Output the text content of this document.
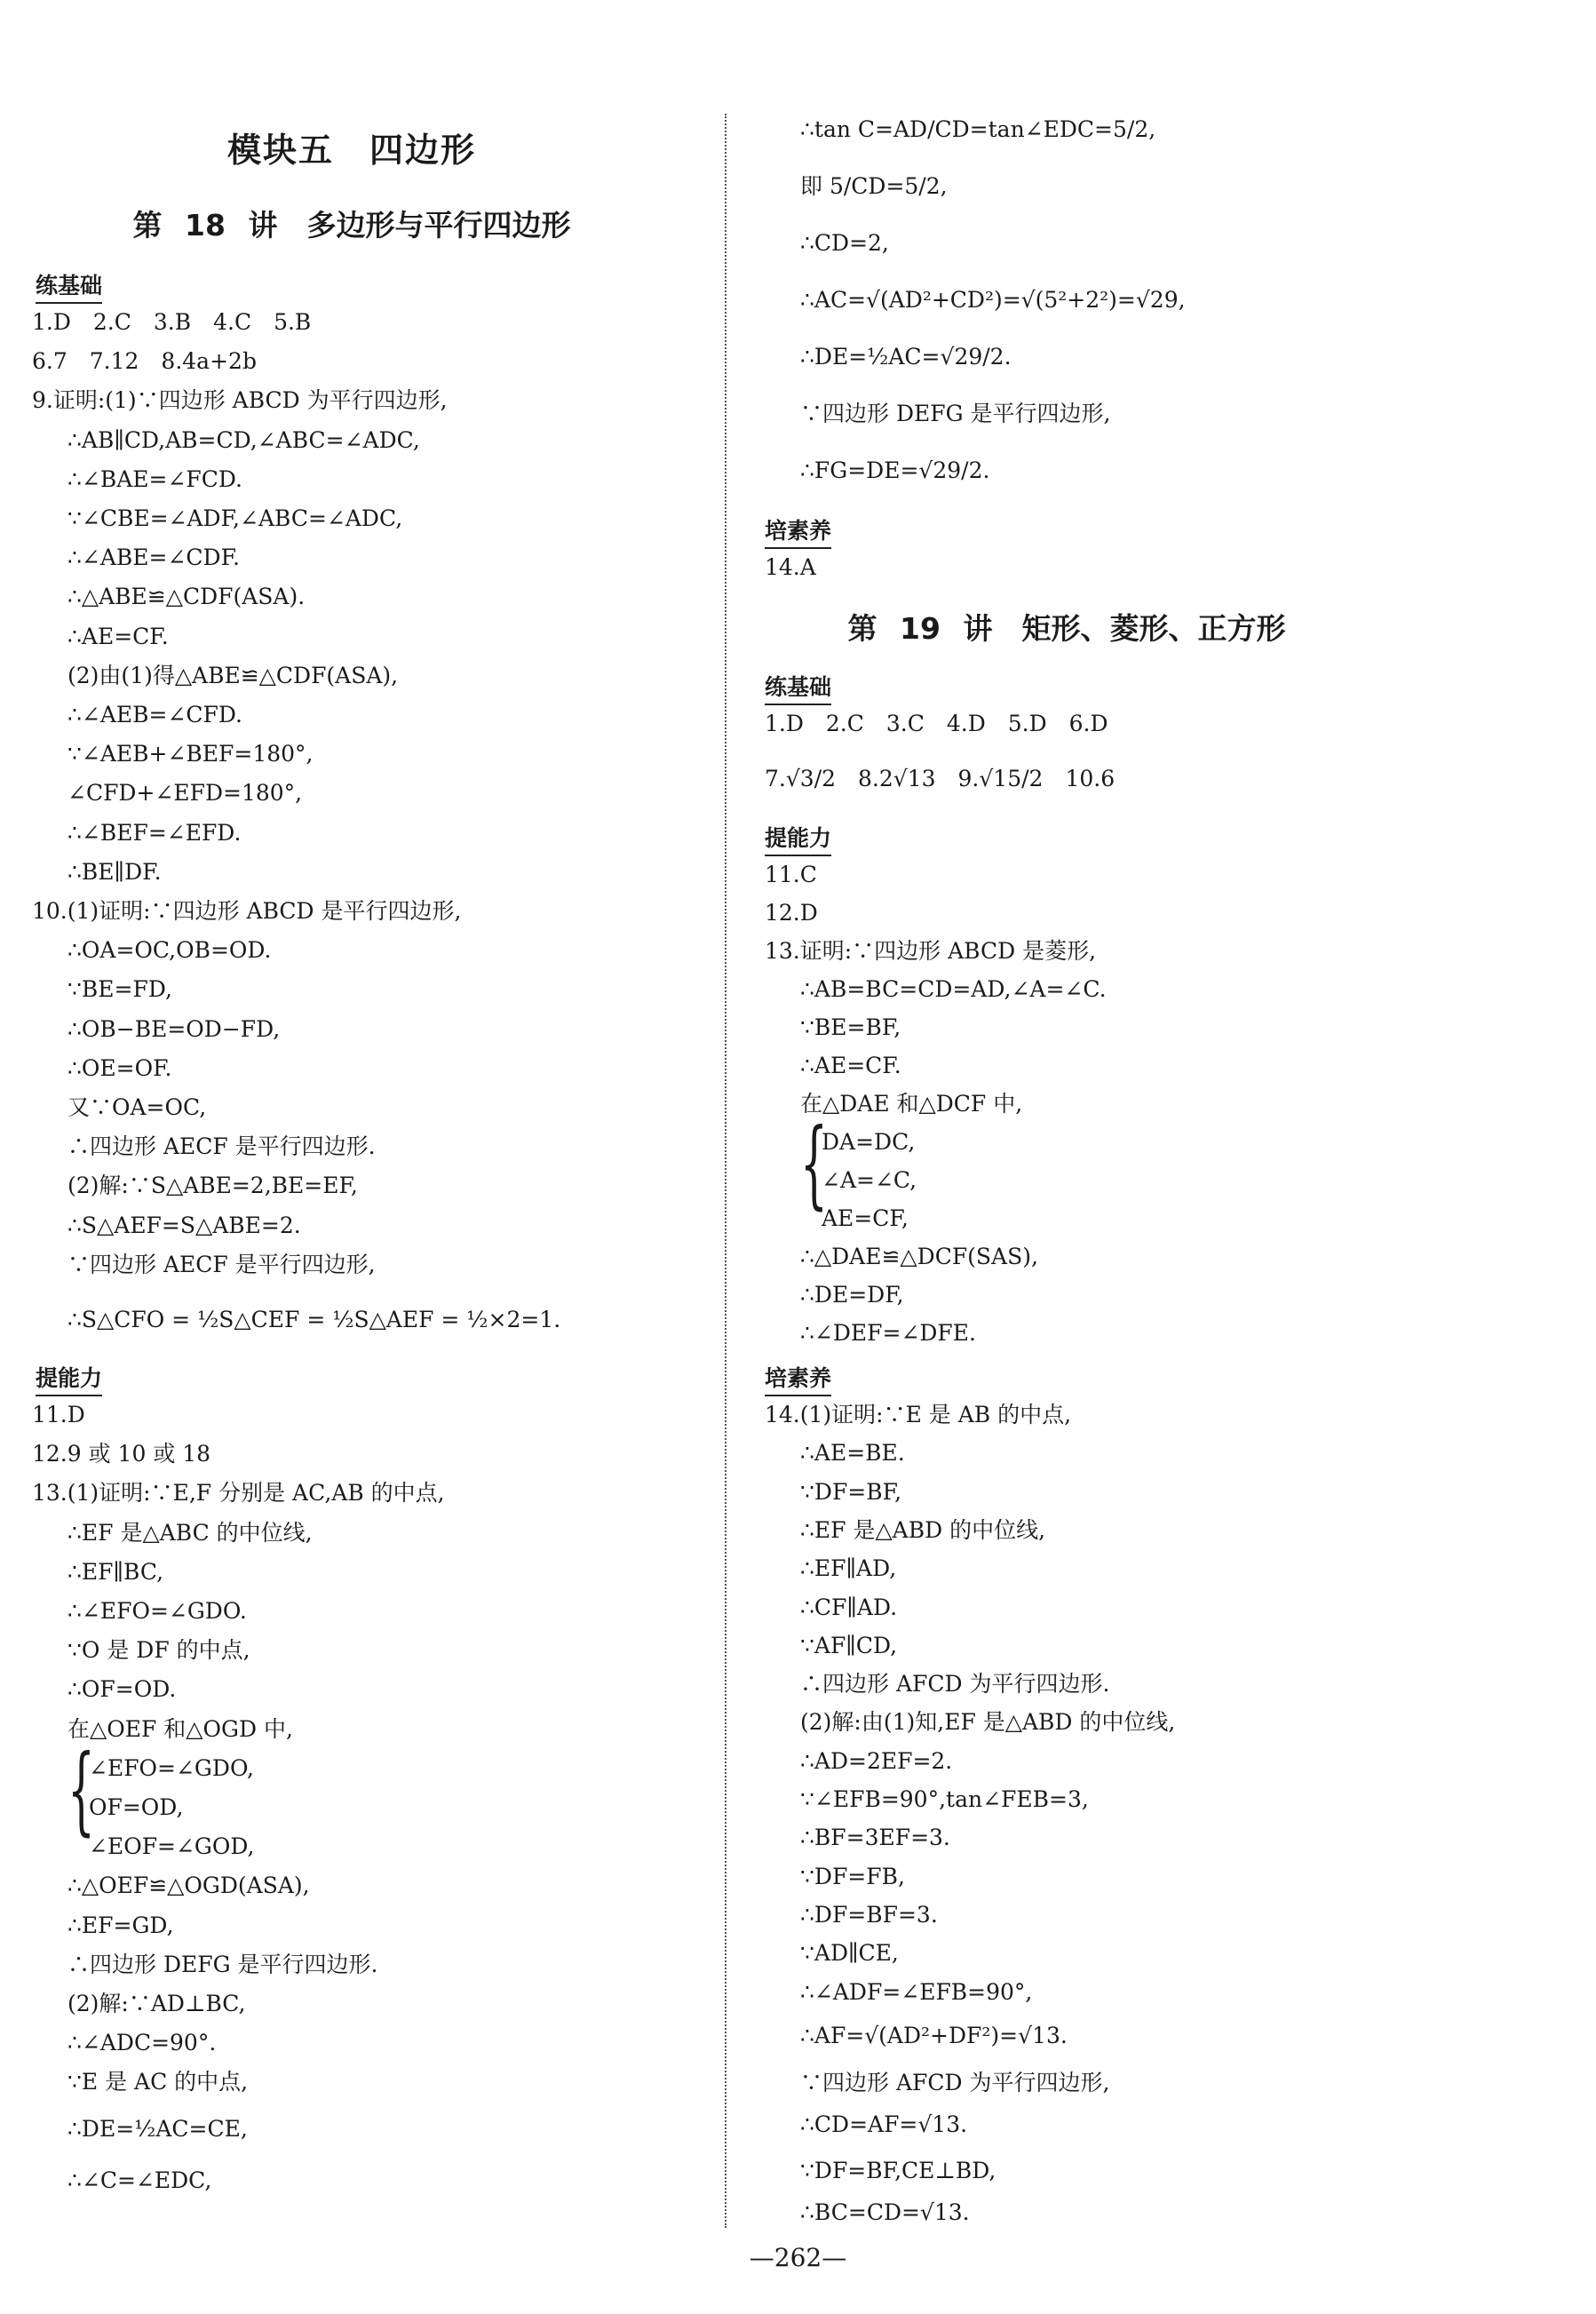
模块五　四边形
第 18 讲　多边形与平行四边形
练基础
1.D　2.C　3.B　4.C　5.B
6.7　7.12　8.4a+2b
9.证明:(1)∵四边形 ABCD 为平行四边形,
∴AB∥CD,AB=CD,∠ABC=∠ADC,
∴∠BAE=∠FCD.
∵∠CBE=∠ADF,∠ABC=∠ADC,
∴∠ABE=∠CDF.
∴△ABE≌△CDF(ASA).
∴AE=CF.
(2)由(1)得△ABE≌△CDF(ASA),
∴∠AEB=∠CFD.
∵∠AEB+∠BEF=180°,
∠CFD+∠EFD=180°,
∴∠BEF=∠EFD.
∴BE∥DF.
10.(1)证明:∵四边形 ABCD 是平行四边形,
∴OA=OC,OB=OD.
∵BE=FD,
∴OB−BE=OD−FD,
∴OE=OF.
又∵OA=OC,
∴四边形 AECF 是平行四边形.
(2)解:∵S△ABE=2,BE=EF,
∴S△AEF=S△ABE=2.
∵四边形 AECF 是平行四边形,
∴S△CFO = ½S△CEF = ½S△AEF = ½×2=1.
提能力
11.D
12.9 或 10 或 18
13.(1)证明:∵E,F 分别是 AC,AB 的中点,
∴EF 是△ABC 的中位线,
∴EF∥BC,
∴∠EFO=∠GDO.
∵O 是 DF 的中点,
∴OF=OD.
在△OEF 和△OGD 中,
∠EFO=∠GDO,
OF=OD,
∠EOF=∠GOD,
∴△OEF≌△OGD(ASA),
∴EF=GD,
∴四边形 DEFG 是平行四边形.
(2)解:∵AD⊥BC,
∴∠ADC=90°.
∵E 是 AC 的中点,
∴DE=½AC=CE,
∴∠C=∠EDC,
{
∴tan C=AD/CD=tan∠EDC=5/2,
即 5/CD=5/2,
∴CD=2,
∴AC=√(AD²+CD²)=√(5²+2²)=√29,
∴DE=½AC=√29/2.
∵四边形 DEFG 是平行四边形,
∴FG=DE=√29/2.
培素养
14.A
第 19 讲　矩形、菱形、正方形
练基础
1.D　2.C　3.C　4.D　5.D　6.D
7.√3/2　8.2√13　9.√15/2　10.6
提能力
11.C
12.D
13.证明:∵四边形 ABCD 是菱形,
∴AB=BC=CD=AD,∠A=∠C.
∵BE=BF,
∴AE=CF.
在△DAE 和△DCF 中,
DA=DC,
∠A=∠C,
AE=CF,
∴△DAE≌△DCF(SAS),
∴DE=DF,
∴∠DEF=∠DFE.
{
培素养
14.(1)证明:∵E 是 AB 的中点,
∴AE=BE.
∵DF=BF,
∴EF 是△ABD 的中位线,
∴EF∥AD,
∴CF∥AD.
∵AF∥CD,
∴四边形 AFCD 为平行四边形.
(2)解:由(1)知,EF 是△ABD 的中位线,
∴AD=2EF=2.
∵∠EFB=90°,tan∠FEB=3,
∴BF=3EF=3.
∵DF=FB,
∴DF=BF=3.
∵AD∥CE,
∴∠ADF=∠EFB=90°,
∴AF=√(AD²+DF²)=√13.
∵四边形 AFCD 为平行四边形,
∴CD=AF=√13.
∵DF=BF,CE⊥BD,
∴BC=CD=√13.
—262—
